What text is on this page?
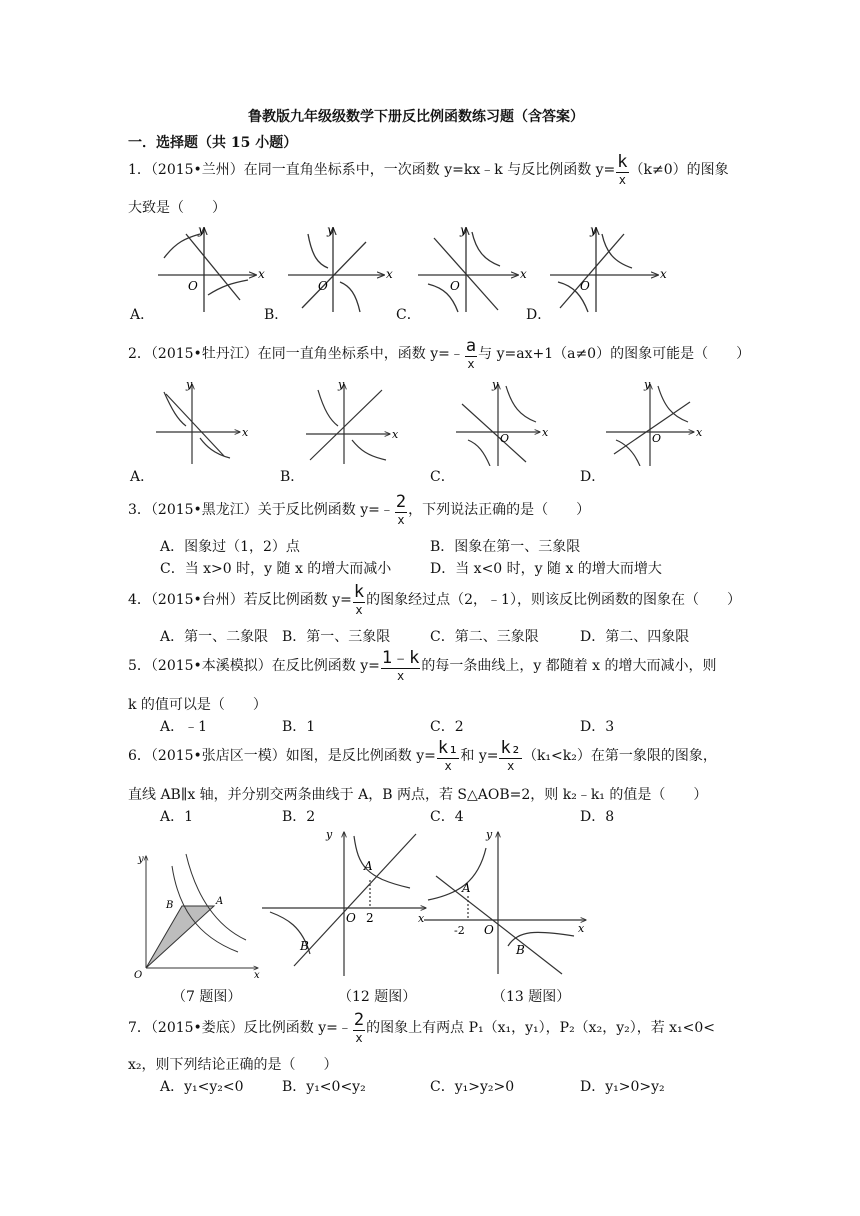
鲁教版九年级级数学下册反比例函数练习题（含答案）
一．选择题（共 15 小题）
1．（2015•兰州）在同一直角坐标系中，一次函数 y=kx﹣k 与反比例函数 $y= \frac{k}{x} (k\ne 0)$的图象
大致是（　　）
y
O
x
y
O
x
y
O
x
y
O
x
A．	B．	C．	D．
2．（2015•牡丹江）在同一直角坐标系中，函数 y=﹣ $\frac{a}{x}$ 与 y=ax+1（a≠0）的图象可能是（　　）
y
x
y
x
y
O	x
y
O	x
A．	B．	C．	D．
3．（2015•黑龙江）关于反比例函数 y=﹣ $\frac{2}{x}$ ，下列说法正确的是（　　）
A．图象过（1，2）点	B．图象在第一、三象限
C．当 x>0 时，y 随 x 的增大而减小	D．当 x<0 时，y 随 x 的增大而增大
4．（2015•台州）若反比例函数 $y= \frac{k}{x}$ 的图象经过点（2，﹣1），则该反比例函数的图象在（　　）
A．第一、二象限 B．第一、三象限	C．第二、三象限	D．第二、四象限
5．（2015•本溪模拟）在反比例函数 $y= \frac{1﹣k}{x}$ 的每一条曲线上，y 都随着 x 的增大而减小，则
k 的值可以是（　　）
A．﹣1	B．1	C．2	D．3
6．（2015•张店区一模）如图，是反比例函数 $y= \frac{\text{k₁}}{x}$ 和 $y= \frac{\text{k₂}}{x} (k_1<k_2)$在第一象限的图象，
直线 AB∥x 轴，并分别交两条曲线于 A，B 两点，若 S△AOB=2，则 k₂﹣k₁ 的值是（　　）
A．1	B．2	C．4	D．8
y
x
O
B	A
y
x
O 2
A
B
y
x
O
-2
A
B
（7 题图）	（12 题图）	（13 题图）
7．（2015•娄底）反比例函数 y=﹣ $\frac{2}{x}$ 的图象上有两点 P₁（x₁，y₁），P₂（x₂，y₂），若 x₁<0<
x₂，则下列结论正确的是（　　）
A．y₁<y₂<0	B．y₁<0<y₂	C．y₁>y₂>0	D．y₁>0>y₂
